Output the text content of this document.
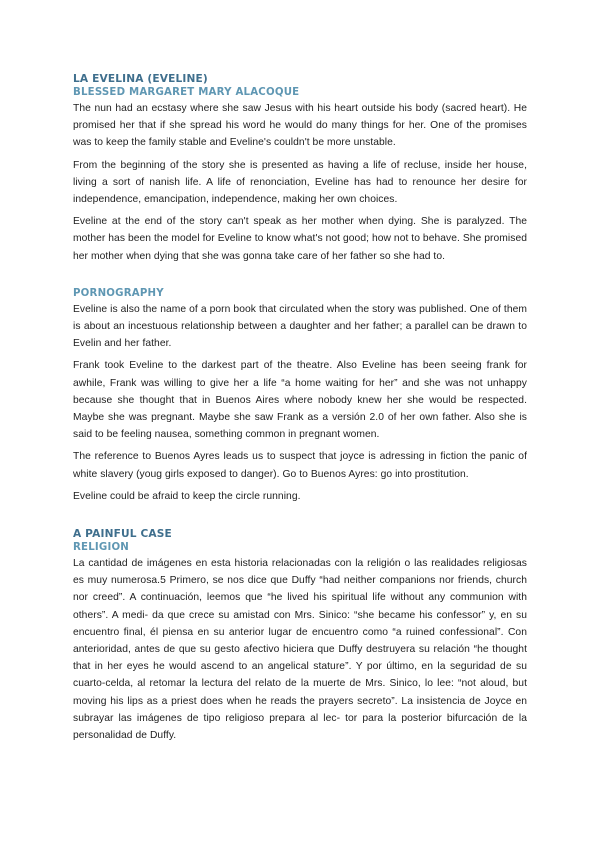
LA EVELINA (EVELINE)
BLESSED MARGARET MARY ALACOQUE

The nun had an ecstasy where she saw Jesus with his heart outside his body (sacred heart). He promised her that if she spread his word he would do many things for her. One of the promises was to keep the family stable and Eveline's couldn't be more unstable.

From the beginning of the story she is presented as having a life of recluse, inside her house, living a sort of nanish life. A life of renonciation, Eveline has had to renounce her desire for independence, emancipation, independence, making her own choices.

Eveline at the end of the story can't speak as her mother when dying. She is paralyzed. The mother has been the model for Eveline to know what's not good; how not to behave. She promised her mother when dying that she was gonna take care of her father so she had to.

PORNOGRAPHY

Eveline is also the name of a porn book that circulated when the story was published. One of them is about an incestuous relationship between a daughter and her father; a parallel can be drawn to Evelin and her father.

Frank took Eveline to the darkest part of the theatre. Also Eveline has been seeing frank for awhile, Frank was willing to give her a life “a home waiting for her” and she was not unhappy because she thought that in Buenos Aires where nobody knew her she would be respected. Maybe she was pregnant. Maybe she saw Frank as a versión 2.0 of her own father. Also she is said to be feeling nausea, something common in pregnant women.

The reference to Buenos Ayres leads us to suspect that joyce is adressing in fiction the panic of white slavery (youg girls exposed to danger). Go to Buenos Ayres: go into prostitution.

Eveline could be afraid to keep the circle running.

A PAINFUL CASE
RELIGION

La cantidad de imágenes en esta historia relacionadas con la religión o las realidades religiosas es muy numerosa.5 Primero, se nos dice que Duffy “had neither companions nor friends, church nor creed”. A continuación, leemos que “he lived his spiritual life without any communion with others”. A medi- da que crece su amistad con Mrs. Sinico: “she became his confessor” y, en su encuentro final, él piensa en su anterior lugar de encuentro como “a ruined confessional”. Con anterioridad, antes de que su gesto afectivo hiciera que Duffy destruyera su relación “he thought that in her eyes he would ascend to an angelical stature”. Y por último, en la seguridad de su cuarto-celda, al retomar la lectura del relato de la muerte de Mrs. Sinico, lo lee: “not aloud, but moving his lips as a priest does when he reads the prayers secreto”. La insistencia de Joyce en subrayar las imágenes de tipo religioso prepara al lec- tor para la posterior bifurcación de la personalidad de Duffy.
